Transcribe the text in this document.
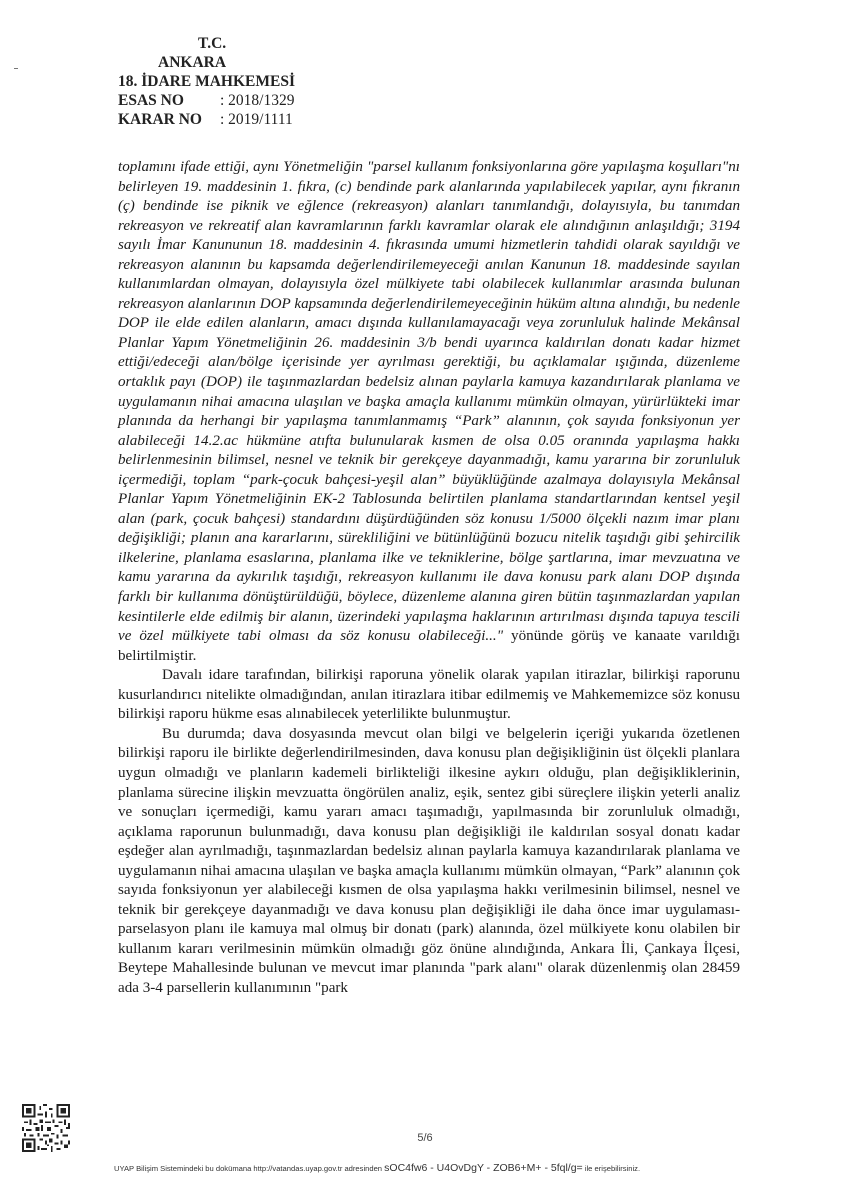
T.C.
ANKARA
18. İDARE MAHKEMESİ
ESAS NO : 2018/1329
KARAR NO : 2019/1111

toplamını ifade ettiği, aynı Yönetmeliğin "parsel kullanım fonksiyonlarına göre yapılaşma koşulları"nı belirleyen 19. maddesinin 1. fıkra, (c) bendinde park alanlarında yapılabilecek yapılar, aynı fıkranın (ç) bendinde ise piknik ve eğlence (rekreasyon) alanları tanımlandığı, dolayısıyla, bu tanımdan rekreasyon ve rekreatif alan kavramlarının farklı kavramlar olarak ele alındığının anlaşıldığı; 3194 sayılı İmar Kanununun 18. maddesinin 4. fıkrasında umumi hizmetlerin tahdidi olarak sayıldığı ve rekreasyon alanının bu kapsamda değerlendirilemeyeceği anılan Kanunun 18. maddesinde sayılan kullanımlardan olmayan, dolayısıyla özel mülkiyete tabi olabilecek kullanımlar arasında bulunan rekreasyon alanlarının DOP kapsamında değerlendirilemeyeceğinin hüküm altına alındığı, bu nedenle DOP ile elde edilen alanların, amacı dışında kullanılamayacağı veya zorunluluk halinde Mekânsal Planlar Yapım Yönetmeliğinin 26. maddesinin 3/b bendi uyarınca kaldırılan donatı kadar hizmet ettiği/edeceği alan/bölge içerisinde yer ayrılması gerektiği, bu açıklamalar ışığında, düzenleme ortaklık payı (DOP) ile taşınmazlardan bedelsiz alınan paylarla kamuya kazandırılarak planlama ve uygulamanın nihai amacına ulaşılan ve başka amaçla kullanımı mümkün olmayan, yürürlükteki imar planında da herhangi bir yapılaşma tanımlanmamış “Park” alanının, çok sayıda fonksiyonun yer alabileceği 14.2.ac hükmüne atıfta bulunularak kısmen de olsa 0.05 oranında yapılaşma hakkı belirlenmesinin bilimsel, nesnel ve teknik bir gerekçeye dayanmadığı, kamu yararına bir zorunluluk içermediği, toplam “park-çocuk bahçesi-yeşil alan” büyüklüğünde azalmaya dolayısıyla Mekânsal Planlar Yapım Yönetmeliğinin EK-2 Tablosunda belirtilen planlama standartlarından kentsel yeşil alan (park, çocuk bahçesi) standardını düşürdüğünden söz konusu 1/5000 ölçekli nazım imar planı değişikliği; planın ana kararlarını, sürekliliğini ve bütünlüğünü bozucu nitelik taşıdığı gibi şehircilik ilkelerine, planlama esaslarına, planlama ilke ve tekniklerine, bölge şartlarına, imar mevzuatına ve kamu yararına da aykırılık taşıdığı, rekreasyon kullanımı ile dava konusu park alanı DOP dışında farklı bir kullanıma dönüştürüldüğü, böylece, düzenleme alanına giren bütün taşınmazlardan yapılan kesintilerle elde edilmiş bir alanın, üzerindeki yapılaşma haklarının artırılması dışında tapuya tescili ve özel mülkiyete tabi olması da söz konusu olabileceği..." yönünde görüş ve kanaate varıldığı belirtilmiştir.

Davalı idare tarafından, bilirkişi raporuna yönelik olarak yapılan itirazlar, bilirkişi raporunu kusurlandırıcı nitelikte olmadığından, anılan itirazlara itibar edilmemiş ve Mahkememizce söz konusu bilirkişi raporu hükme esas alınabilecek yeterlilikte bulunmuştur.

Bu durumda; dava dosyasında mevcut olan bilgi ve belgelerin içeriği yukarıda özetlenen bilirkişi raporu ile birlikte değerlendirilmesinden, dava konusu plan değişikliğinin üst ölçekli planlara uygun olmadığı ve planların kademeli birlikteliği ilkesine aykırı olduğu, plan değişikliklerinin, planlama sürecine ilişkin mevzuatta öngörülen analiz, eşik, sentez gibi süreçlere ilişkin yeterli analiz ve sonuçları içermediği, kamu yararı amacı taşımadığı, yapılmasında bir zorunluluk olmadığı, açıklama raporunun bulunmadığı, dava konusu plan değişikliği ile kaldırılan sosyal donatı kadar eşdeğer alan ayrılmadığı, taşınmazlardan bedelsiz alınan paylarla kamuya kazandırılarak planlama ve uygulamanın nihai amacına ulaşılan ve başka amaçla kullanımı mümkün olmayan, “Park” alanının çok sayıda fonksiyonun yer alabileceği kısmen de olsa yapılaşma hakkı verilmesinin bilimsel, nesnel ve teknik bir gerekçeye dayanmadığı ve dava konusu plan değişikliği ile daha önce imar uygulaması-parselasyon planı ile kamuya mal olmuş bir donatı (park) alanında, özel mülkiyete konu olabilen bir kullanım kararı verilmesinin mümkün olmadığı göz önüne alındığında, Ankara İli, Çankaya İlçesi, Beytepe Mahallesinde bulunan ve mevcut imar planında "park alanı" olarak düzenlenmiş olan 28459 ada 3-4 parsellerin kullanımının "park

5/6
UYAP Bilişim Sistemindeki bu dokümana http://vatandas.uyap.gov.tr adresinden sOC4fw6 - U4OvDgY - ZOB6+M+ - 5fql/g= ile erişebilirsiniz.
